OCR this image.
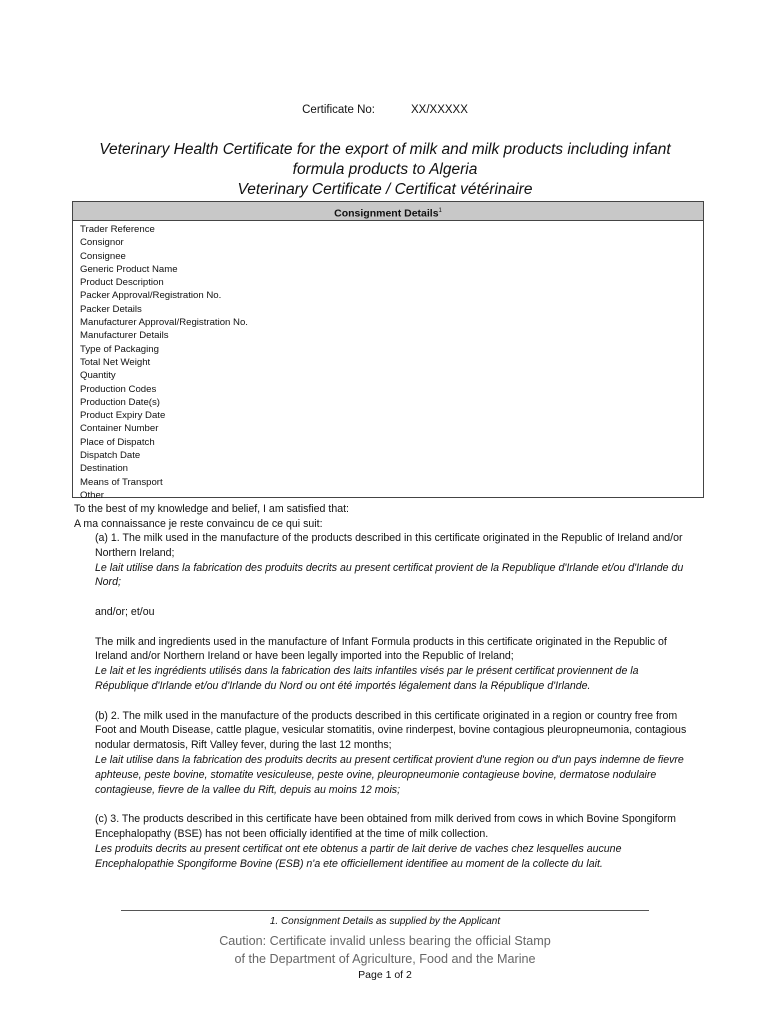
Certificate No:	XX/XXXXX
Veterinary Health Certificate for the export of milk and milk products including infant
formula products to Algeria
Veterinary Certificate / Certificat vétérinaire
Consignment Details$^1$
Trader Reference
Consignor
Consignee
Generic Product Name
Product Description
Packer Approval/Registration No.
Packer Details
Manufacturer Approval/Registration No.
Manufacturer Details
Type of Packaging
Total Net Weight
Quantity
Production Codes
Production Date(s)
Product Expiry Date
Container Number
Place of Dispatch
Dispatch Date
Destination
Means of Transport
Other
To the best of my knowledge and belief, I am satisfied that:
A ma connaissance je reste convaincu de ce qui suit:

(a) 1. The milk used in the manufacture of the products described in this certificate originated in the Republic of Ireland and/or Northern Ireland;

Le lait utilise dans la fabrication des produits decrits au present certificat provient de la Republique d'Irlande et/ou d'Irlande du Nord;

and/or; et/ou

The milk and ingredients used in the manufacture of Infant Formula products in this certificate originated in the Republic of Ireland and/or Northern Ireland or have been legally imported into the Republic of Ireland;

Le lait et les ingrédients utilisés dans la fabrication des laits infantiles visés par le présent certificat proviennent de la République d'Irlande et/ou d'Irlande du Nord ou ont été importés légalement dans la République d'Irlande.

(b) 2. The milk used in the manufacture of the products described in this certificate originated in a region or country free from Foot and Mouth Disease, cattle plague, vesicular stomatitis, ovine rinderpest, bovine contagious pleuropneumonia, contagious nodular dermatosis, Rift Valley fever, during the last 12 months;

Le lait utilise dans la fabrication des produits decrits au present certificat provient d'une region ou d'un pays indemne de fievre aphteuse, peste bovine, stomatite vesiculeuse, peste ovine, pleuropneumonie contagieuse bovine, dermatose nodulaire contagieuse, fievre de la vallee du Rift, depuis au moins 12 mois;

(c) 3. The products described in this certificate have been obtained from milk derived from cows in which Bovine Spongiform Encephalopathy (BSE) has not been officially identified at the time of milk collection.

Les produits decrits au present certificat ont ete obtenus a partir de lait derive de vaches chez lesquelles aucune Encephalopathie Spongiforme Bovine (ESB) n'a ete officiellement identifiee au moment de la collecte du lait.

1. Consignment Details as supplied by the Applicant
Caution: Certificate invalid unless bearing the official Stamp
of the Department of Agriculture, Food and the Marine
Page 1 of 2
